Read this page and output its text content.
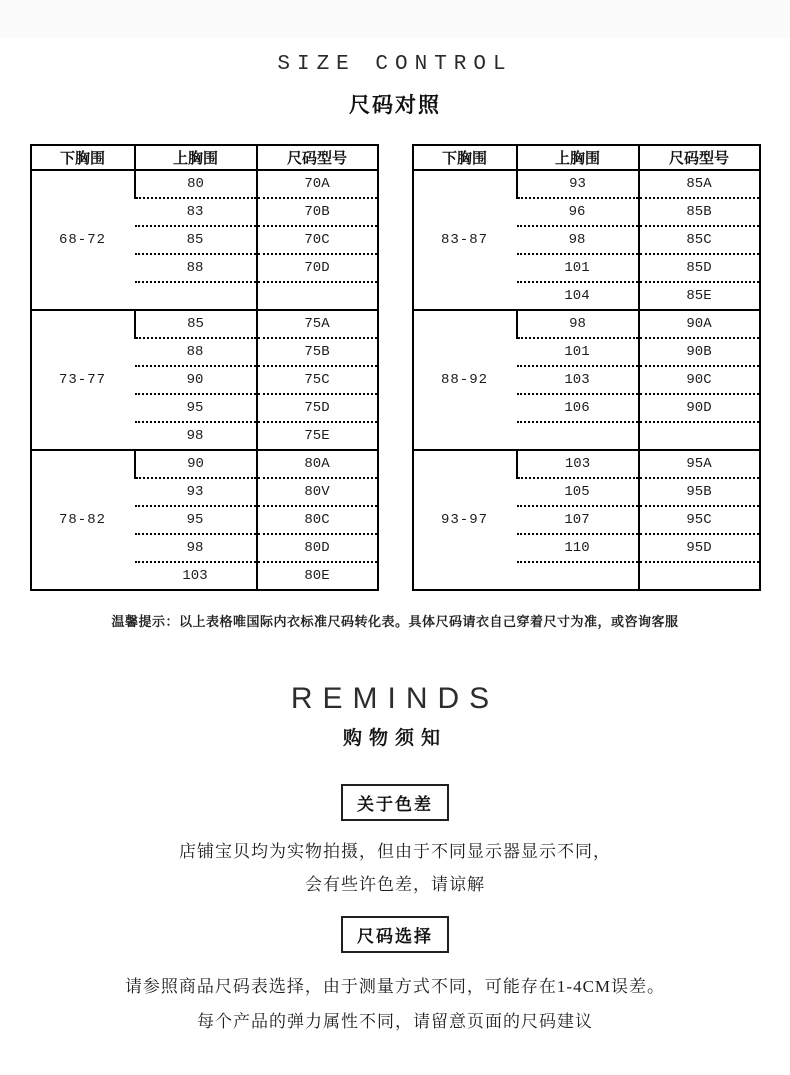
SIZE CONTROL
尺码对照
下胸围	上胸围	尺码型号
68-72	80	70A
	83	70B
	85	70C
	88	70D

73-77	85	75A
	88	75B
	90	75C
	95	75D
	98	75E
78-82	90	80A
	93	80V
	95	80C
	98	80D
	103	80E
下胸围	上胸围	尺码型号
83-87	93	85A
	96	85B
	98	85C
	101	85D
	104	85E
88-92	98	90A
	101	90B
	103	90C
	106	90D

93-97	103	95A
	105	95B
	107	95C
	110	95D

温馨提示：以上表格唯国际内衣标准尺码转化表。具体尺码请衣自己穿着尺寸为准，或咨询客服
REMINDS
购物须知
关于色差
店铺宝贝均为实物拍摄，但由于不同显示器显示不同，
会有些许色差，请谅解
尺码选择
请参照商品尺码表选择，由于测量方式不同，可能存在1-4CM误差。
每个产品的弹力属性不同，请留意页面的尺码建议
